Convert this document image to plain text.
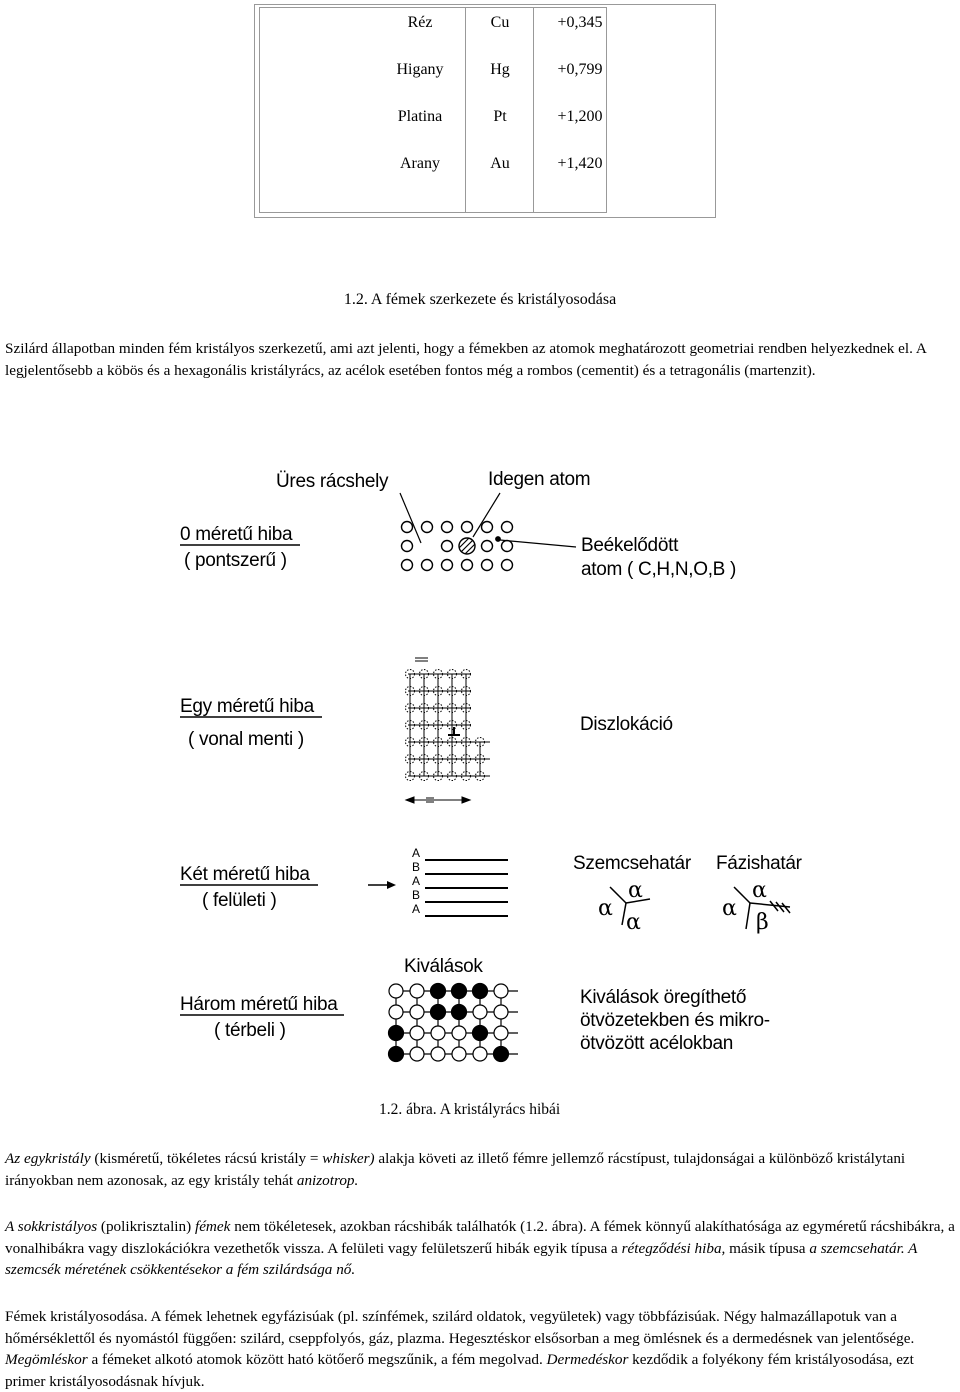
Réz	Cu	+0,345
Higany	Hg	+0,799
Platina	Pt	+1,200
Arany	Au	+1,420
1.2. A fémek szerkezete és kristályosodása

Szilárd állapotban minden fém kristályos szerkezetű, ami azt jelenti, hogy a fémekben az atomok meghatározott geometriai rendben helyezkednek el. A legjelentősebb a köbös és a hexagonális kristályrács, az acélok esetében fontos még a rombos (cementit) és a tetragonális (martenzit).

Üres rácshely	Idegen atom
0 méretű hiba
( pontszerű )
Beékelődött
atom ( C,H,N,O,B )
Egy méretű hiba
( vonal menti )
Diszlokáció
Két méretű hiba
( felületi )
A
B
A
B
A
Szemcsehatár Fázishatár
α
α
α
α
α
β
Kiválások
Három méretű hiba
( térbeli )
Kiválások öregíthető
ötvözetekben és mikro-
ötvözött acélokban
1.2. ábra. A kristályrács hibái

Az egykristály (kisméretű, tökéletes rácsú kristály = whisker) alakja követi az illető fémre jellemző rácstípust, tulajdonságai a különböző kristálytani irányokban nem azonosak, az egy kristály tehát anizotrop.

A sokkristályos (polikrisztalin) fémek nem tökéletesek, azokban rácshibák találhatók (1.2. ábra). A fémek könnyű alakíthatósága az egyméretű rácshibákra, a vonalhibákra vagy diszlokációkra vezethetők vissza. A felületi vagy felületszerű hibák egyik típusa a rétegződési hiba, másik típusa a szemcsehatár. A szemcsék méretének csökkentésekor a fém szilárdsága nő.

Fémek kristályosodása. A fémek lehetnek egyfázisúak (pl. színfémek, szilárd oldatok, vegyületek) vagy többfázisúak. Négy halmazállapotuk van a hőmérséklettől és nyomástól függően: szilárd, cseppfolyós, gáz, plazma. Hegesztéskor elsősorban a meg ömlésnek és a dermedésnek van jelentősége. Megömléskor a fémeket alkotó atomok között ható kötőerő megszűnik, a fém megolvad. Dermedéskor kezdődik a folyékony fém kristályosodása, ezt primer kristályosodásnak hívjuk.
